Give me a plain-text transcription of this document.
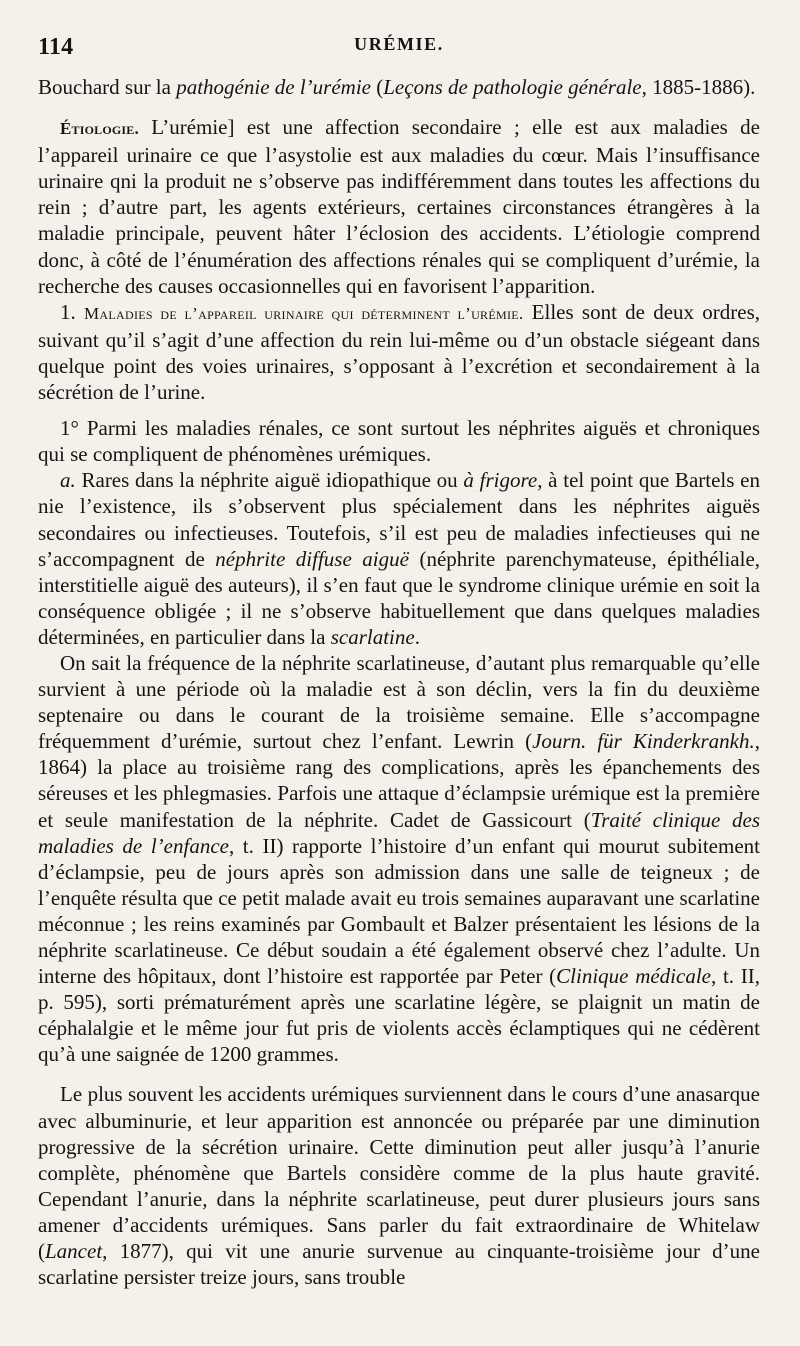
114	URÉMIE.

Bouchard sur la pathogénie de l’urémie (Leçons de pathologie générale, 1885-1886).

Étiologie. L’urémie] est une affection secondaire ; elle est aux maladies de l’appareil urinaire ce que l’asystolie est aux maladies du cœur. Mais l’insuffisance urinaire qni la produit ne s’observe pas indifféremment dans toutes les affections du rein ; d’autre part, les agents extérieurs, certaines circonstances étrangères à la maladie principale, peuvent hâter l’éclosion des accidents. L’étiologie comprend donc, à côté de l’énumération des affections rénales qui se compliquent d’urémie, la recherche des causes occasionnelles qui en favorisent l’apparition.

1. Maladies de l’appareil urinaire qui déterminent l’urémie. Elles sont de deux ordres, suivant qu’il s’agit d’une affection du rein lui-même ou d’un obstacle siégeant dans quelque point des voies urinaires, s’opposant à l’excrétion et secondairement à la sécrétion de l’urine.

1° Parmi les maladies rénales, ce sont surtout les néphrites aiguës et chroniques qui se compliquent de phénomènes urémiques.

a. Rares dans la néphrite aiguë idiopathique ou à frigore, à tel point que Bartels en nie l’existence, ils s’observent plus spécialement dans les néphrites aiguës secondaires ou infectieuses. Toutefois, s’il est peu de maladies infectieuses qui ne s’accompagnent de néphrite diffuse aiguë (néphrite parenchymateuse, épithéliale, interstitielle aiguë des auteurs), il s’en faut que le syndrome clinique urémie en soit la conséquence obligée ; il ne s’observe habituellement que dans quelques maladies déterminées, en particulier dans la scarlatine.

On sait la fréquence de la néphrite scarlatineuse, d’autant plus remarquable qu’elle survient à une période où la maladie est à son déclin, vers la fin du deuxième septenaire ou dans le courant de la troisième semaine. Elle s’accompagne fréquemment d’urémie, surtout chez l’enfant. Lewrin (Journ. für Kinderkrankh., 1864) la place au troisième rang des complications, après les épanchements des séreuses et les phlegmasies. Parfois une attaque d’éclampsie urémique est la première et seule manifestation de la néphrite. Cadet de Gassicourt (Traité clinique des maladies de l’enfance, t. II) rapporte l’histoire d’un enfant qui mourut subitement d’éclampsie, peu de jours après son admission dans une salle de teigneux ; de l’enquête résulta que ce petit malade avait eu trois semaines auparavant une scarlatine méconnue ; les reins examinés par Gombault et Balzer présentaient les lésions de la néphrite scarlatineuse. Ce début soudain a été également observé chez l’adulte. Un interne des hôpitaux, dont l’histoire est rapportée par Peter (Clinique médicale, t. II, p. 595), sorti prématurément après une scarlatine légère, se plaignit un matin de céphalalgie et le même jour fut pris de violents accès éclamptiques qui ne cédèrent qu’à une saignée de 1200 grammes.

Le plus souvent les accidents urémiques surviennent dans le cours d’une anasarque avec albuminurie, et leur apparition est annoncée ou préparée par une diminution progressive de la sécrétion urinaire. Cette diminution peut aller jusqu’à l’anurie complète, phénomène que Bartels considère comme de la plus haute gravité. Cependant l’anurie, dans la néphrite scarlatineuse, peut durer plusieurs jours sans amener d’accidents urémiques. Sans parler du fait extraordinaire de Whitelaw (Lancet, 1877), qui vit une anurie survenue au cinquante-troisième jour d’une scarlatine persister treize jours, sans trouble
